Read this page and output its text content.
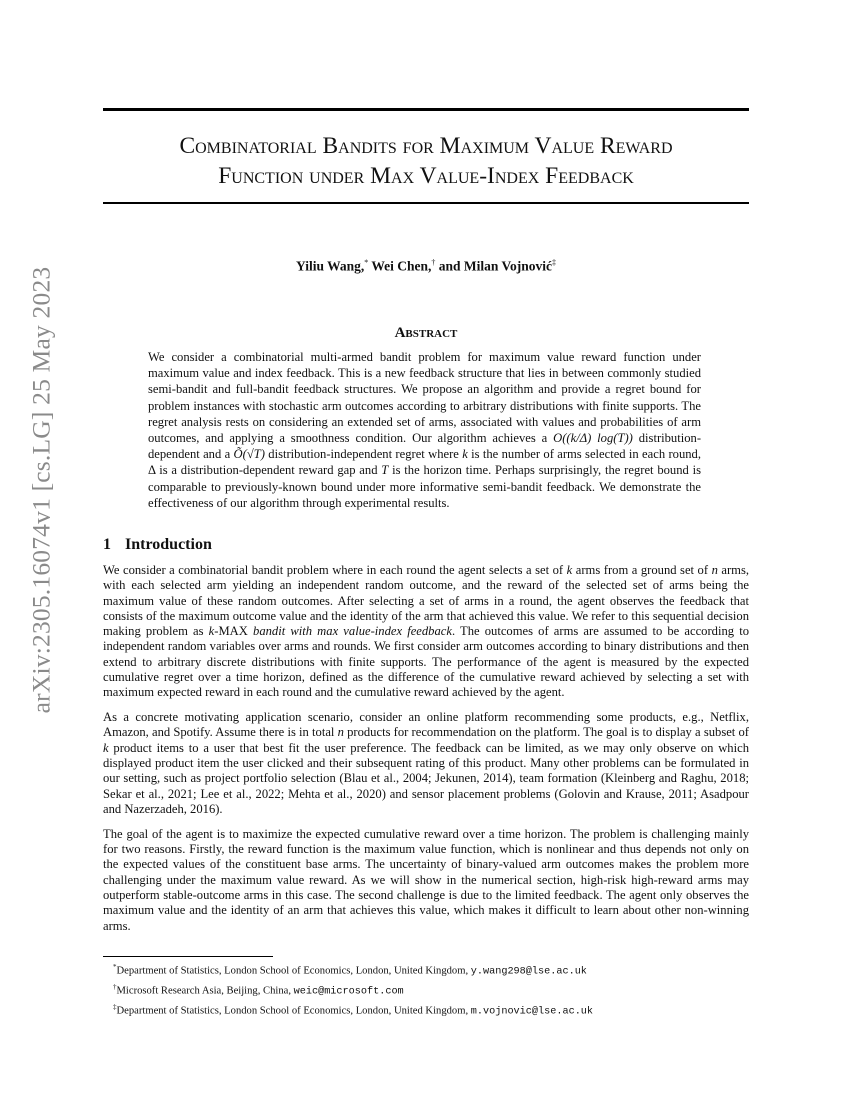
arXiv:2305.16074v1 [cs.LG] 25 May 2023
Combinatorial Bandits for Maximum Value Reward
Function under Max Value-Index Feedback
Yiliu Wang,* Wei Chen,† and Milan Vojnović‡
Abstract

We consider a combinatorial multi-armed bandit problem for maximum value reward function under maximum value and index feedback. This is a new feedback structure that lies in between commonly studied semi-bandit and full-bandit feedback structures. We propose an algorithm and provide a regret bound for problem instances with stochastic arm outcomes according to arbitrary distributions with finite supports. The regret analysis rests on considering an extended set of arms, associated with values and probabilities of arm outcomes, and applying a smoothness condition. Our algorithm achieves a O((k/Δ) log(T)) distribution-dependent and a Õ(√T) distribution-independent regret where k is the number of arms selected in each round, Δ is a distribution-dependent reward gap and T is the horizon time. Perhaps surprisingly, the regret bound is comparable to previously-known bound under more informative semi-bandit feedback. We demonstrate the effectiveness of our algorithm through experimental results.

1 Introduction

We consider a combinatorial bandit problem where in each round the agent selects a set of k arms from a ground set of n arms, with each selected arm yielding an independent random outcome, and the reward of the selected set of arms being the maximum value of these random outcomes. After selecting a set of arms in a round, the agent observes the feedback that consists of the maximum outcome value and the identity of the arm that achieved this value. We refer to this sequential decision making problem as k-MAX bandit with max value-index feedback. The outcomes of arms are assumed to be according to independent random variables over arms and rounds. We first consider arm outcomes according to binary distributions and then extend to arbitrary discrete distributions with finite supports. The performance of the agent is measured by the expected cumulative regret over a time horizon, defined as the difference of the cumulative reward achieved by selecting a set with maximum expected reward in each round and the cumulative reward achieved by the agent.

As a concrete motivating application scenario, consider an online platform recommending some products, e.g., Netflix, Amazon, and Spotify. Assume there is in total n products for recommendation on the platform. The goal is to display a subset of k product items to a user that best fit the user preference. The feedback can be limited, as we may only observe on which displayed product item the user clicked and their subsequent rating of this product. Many other problems can be formulated in our setting, such as project portfolio selection (Blau et al., 2004; Jekunen, 2014), team formation (Kleinberg and Raghu, 2018; Sekar et al., 2021; Lee et al., 2022; Mehta et al., 2020) and sensor placement problems (Golovin and Krause, 2011; Asadpour and Nazerzadeh, 2016).

The goal of the agent is to maximize the expected cumulative reward over a time horizon. The problem is challenging mainly for two reasons. Firstly, the reward function is the maximum value function, which is nonlinear and thus depends not only on the expected values of the constituent base arms. The uncertainty of binary-valued arm outcomes makes the problem more challenging under the maximum value reward. As we will show in the numerical section, high-risk high-reward arms may outperform stable-outcome arms in this case. The second challenge is due to the limited feedback. The agent only observes the maximum value and the identity of an arm that achieves this value, which makes it difficult to learn about other non-winning arms.

*Department of Statistics, London School of Economics, London, United Kingdom, y.wang298@lse.ac.uk
†Microsoft Research Asia, Beijing, China, weic@microsoft.com
‡Department of Statistics, London School of Economics, London, United Kingdom, m.vojnovic@lse.ac.uk
